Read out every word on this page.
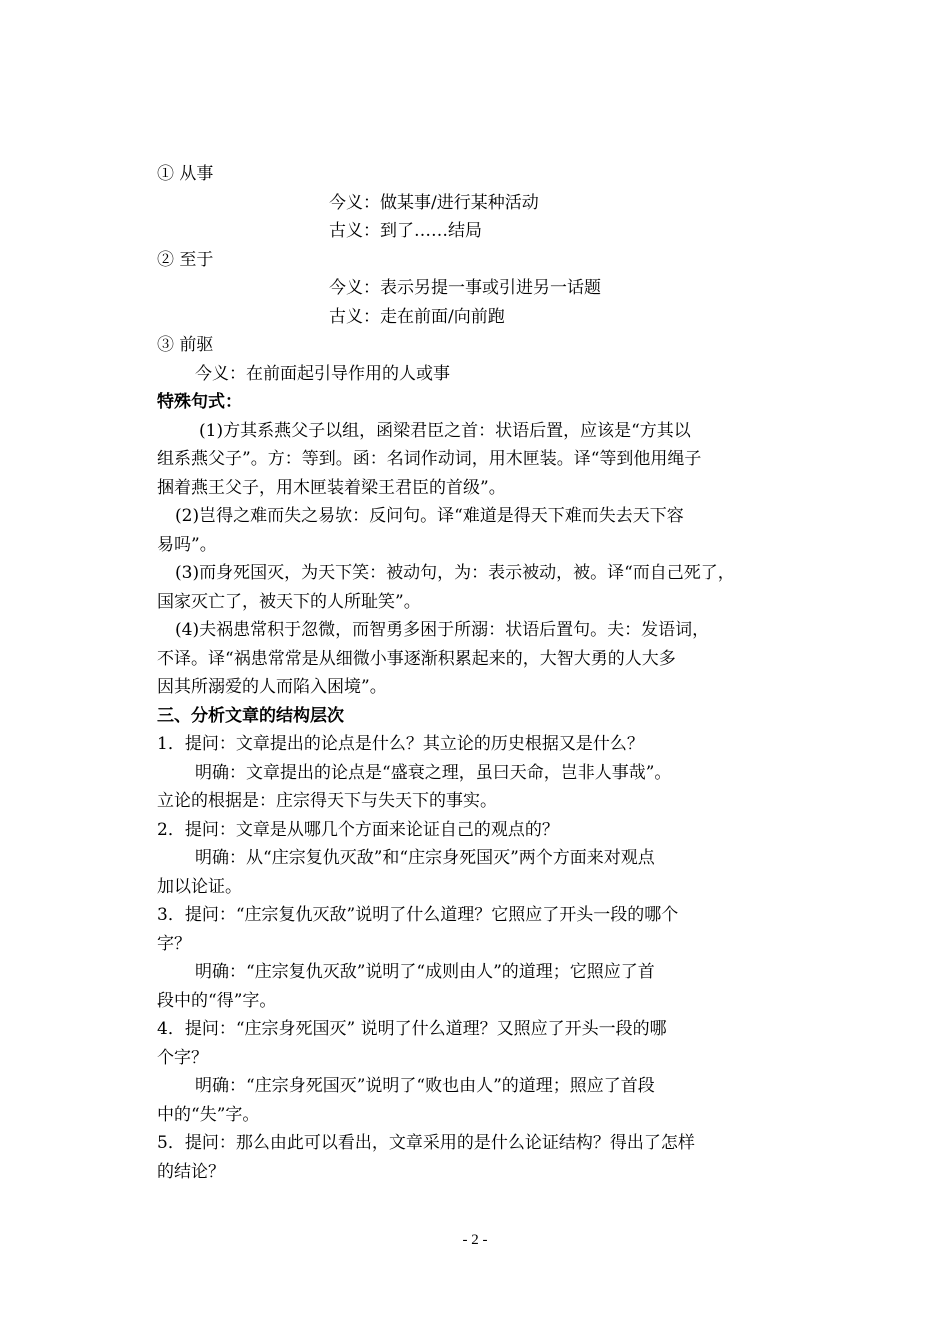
① 从事
今义：做某事/进行某种活动
古义：到了……结局
② 至于
今义：表示另提一事或引进另一话题
古义：走在前面/向前跑
③ 前驱
今义：在前面起引导作用的人或事
特殊句式：
(1)方其系燕父子以组，函梁君臣之首：状语后置，应该是“方其以
组系燕父子”。方：等到。函：名词作动词，用木匣装。译“等到他用绳子
捆着燕王父子，用木匣装着梁王君臣的首级”。
(2)岂得之难而失之易欤：反问句。译“难道是得天下难而失去天下容
易吗”。
(3)而身死国灭，为天下笑：被动句，为：表示被动，被。译“而自己死了，
国家灭亡了，被天下的人所耻笑”。
(4)夫祸患常积于忽微，而智勇多困于所溺：状语后置句。夫：发语词，
不译。译“祸患常常是从细微小事逐渐积累起来的，大智大勇的人大多
因其所溺爱的人而陷入困境”。
三、分析文章的结构层次
1．提问：文章提出的论点是什么？其立论的历史根据又是什么？
明确：文章提出的论点是“盛衰之理，虽曰天命，岂非人事哉”。
立论的根据是：庄宗得天下与失天下的事实。
2．提问：文章是从哪几个方面来论证自己的观点的？
明确：从“庄宗复仇灭敌”和“庄宗身死国灭”两个方面来对观点
加以论证。
3．提问：“庄宗复仇灭敌”说明了什么道理？它照应了开头一段的哪个
字？
明确：“庄宗复仇灭敌”说明了“成则由人”的道理；它照应了首
段中的“得”字。
4．提问：“庄宗身死国灭” 说明了什么道理？又照应了开头一段的哪
个字？
明确：“庄宗身死国灭”说明了“败也由人”的道理；照应了首段
中的“失”字。
5．提问：那么由此可以看出，文章采用的是什么论证结构？得出了怎样
的结论？
- 2 -
